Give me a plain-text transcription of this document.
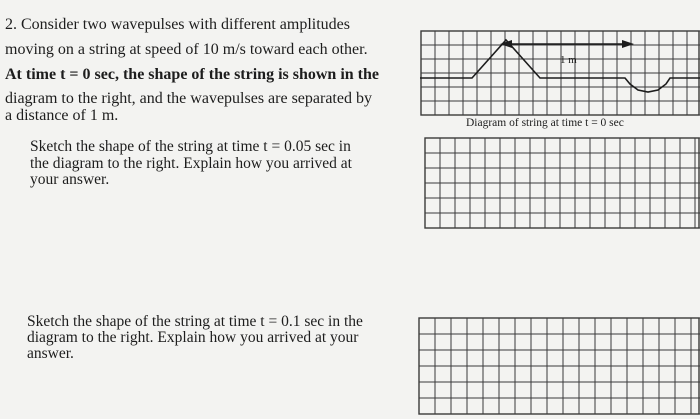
2. Consider two wavepulses with different amplitudes
moving on a string at speed of 10 m/s toward each other.
At time t = 0 sec, the shape of the string is shown in the
diagram to the right, and the wavepulses are separated by
a distance of 1 m.
Sketch the shape of the string at time t = 0.05 sec in
the diagram to the right. Explain how you arrived at
your answer.
Sketch the shape of the string at time t = 0.1 sec in the
diagram to the right. Explain how you arrived at your
answer.
1 m
Diagram of string at time t = 0 sec
